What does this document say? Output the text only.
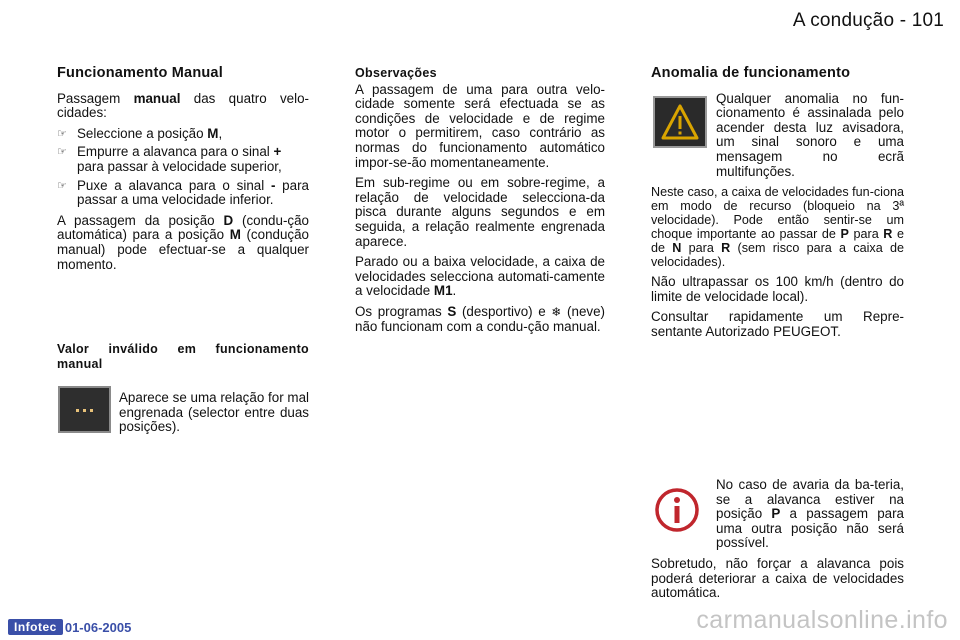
A condução - 101
Funcionamento Manual

Passagem manual das quatro velo-cidades:

☞ Seleccione a posição M,
☞ Empurre a alavanca para o sinal + para passar à velocidade superior,
☞ Puxe a alavanca para o sinal - para passar a uma velocidade inferior.

A passagem da posição D (condu-ção automática) para a posição M (condução manual) pode efectuar-se a qualquer momento.

Valor inválido em funcionamento manual

Aparece se uma relação for mal engrenada (selector entre duas posições).

Observações

A passagem de uma para outra velo-cidade somente será efectuada se as condições de velocidade e de regime motor o permitirem, caso contrário as normas do funcionamento automático impor-se-ão momentaneamente.

Em sub-regime ou em sobre-regime, a relação de velocidade selecciona-da pisca durante alguns segundos e em seguida, a relação realmente engrenada aparece.

Parado ou a baixa velocidade, a caixa de velocidades selecciona automati-camente a velocidade M1.

Os programas S (desportivo) e ❄ (neve) não funcionam com a condu-ção manual.

Anomalia de funcionamento

Qualquer anomalia no fun-cionamento é assinalada pelo acender desta luz avisadora, um sinal sonoro e uma mensagem no ecrã multifunções.

Neste caso, a caixa de velocidades fun-ciona em modo de recurso (bloqueio na 3ª velocidade). Pode então sentir-se um choque importante ao passar de P para R e de N para R (sem risco para a caixa de velocidades).

Não ultrapassar os 100 km/h (dentro do limite de velocidade local).

Consultar rapidamente um Repre-sentante Autorizado PEUGEOT.

No caso de avaria da ba-teria, se a alavanca estiver na posição P a passagem para uma outra posição não será possível.

Sobretudo, não forçar a alavanca pois poderá deteriorar a caixa de velocidades automática.

Infotec 01-06-2005	carmanualsonline.info
